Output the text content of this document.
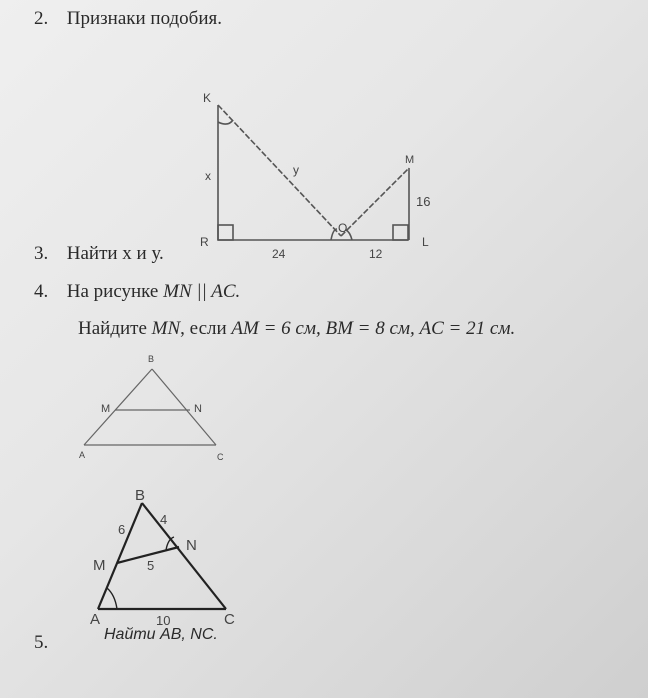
2. Признаки подобия.
3. Найти х и у.
4. На рисунке MN || AC.
Найдите MN, если AM = 6 см, BM = 8 см, AC = 21 см.
5.	Найти AB, NC.
K
R
M
L
O
x	y
16
24	12
B
M	N
A	C
B
M
N
A	C
6
4
5
10
